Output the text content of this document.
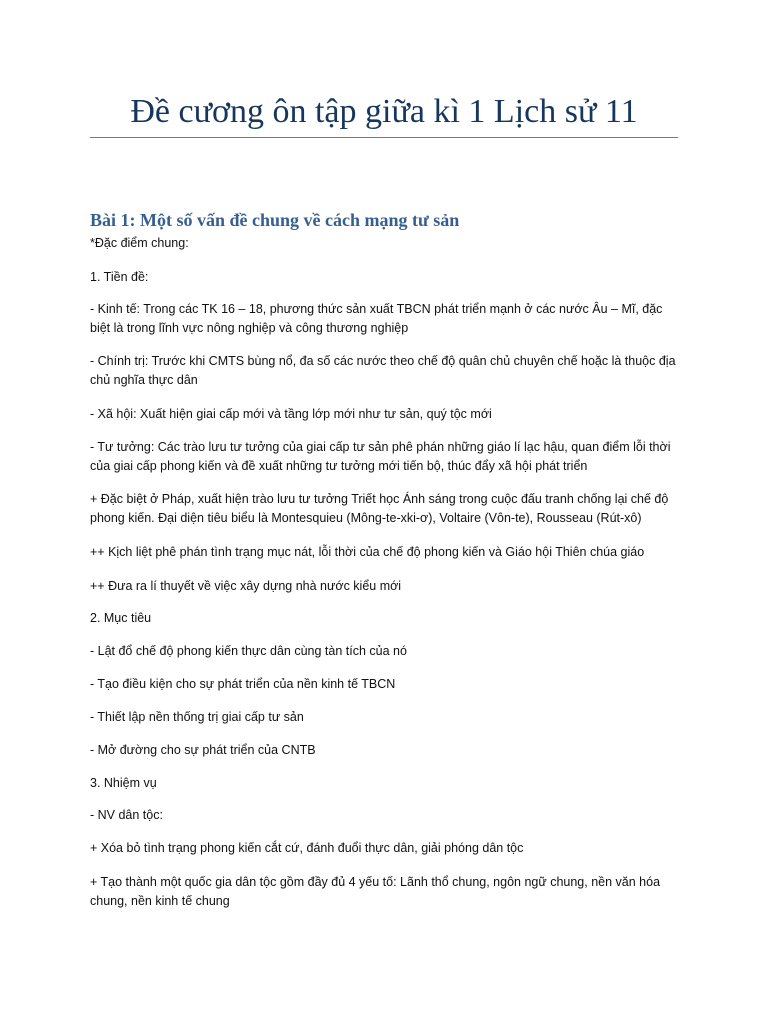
Đề cương ôn tập giữa kì 1 Lịch sử 11
Bài 1: Một số vấn đề chung về cách mạng tư sản
*Đặc điểm chung:
1. Tiền đề:
- Kinh tế: Trong các TK 16 – 18, phương thức sản xuất TBCN phát triển mạnh ở các nước Âu – Mĩ, đặc
biệt là trong lĩnh vực nông nghiệp và công thương nghiệp
- Chính trị: Trước khi CMTS bùng nổ, đa số các nước theo chế độ quân chủ chuyên chế hoặc là thuộc địa
chủ nghĩa thực dân
- Xã hội: Xuất hiện giai cấp mới và tầng lớp mới như tư sản, quý tộc mới
- Tư tưởng: Các trào lưu tư tưởng của giai cấp tư sản phê phán những giáo lí lạc hậu, quan điểm lỗi thời
của giai cấp phong kiến và đề xuất những tư tưởng mới tiến bộ, thúc đẩy xã hội phát triển
+ Đặc biệt ở Pháp, xuất hiện trào lưu tư tưởng Triết học Ánh sáng trong cuộc đấu tranh chống lại chế độ
phong kiến. Đại diện tiêu biểu là Montesquieu (Mông-te-xki-ơ), Voltaire (Vôn-te), Rousseau (Rút-xô)
++ Kịch liệt phê phán tình trạng mục nát, lỗi thời của chế độ phong kiến và Giáo hội Thiên chúa giáo
++ Đưa ra lí thuyết về việc xây dựng nhà nước kiểu mới
2. Mục tiêu
- Lật đổ chế độ phong kiến thực dân cùng tàn tích của nó
- Tạo điều kiện cho sự phát triển của nền kinh tế TBCN
- Thiết lập nền thống trị giai cấp tư sản
- Mở đường cho sự phát triển của CNTB
3. Nhiệm vụ
- NV dân tộc:
+ Xóa bỏ tình trạng phong kiến cắt cứ, đánh đuổi thực dân, giải phóng dân tộc
+ Tạo thành một quốc gia dân tộc gồm đầy đủ 4 yếu tố: Lãnh thổ chung, ngôn ngữ chung, nền văn hóa
chung, nền kinh tế chung
